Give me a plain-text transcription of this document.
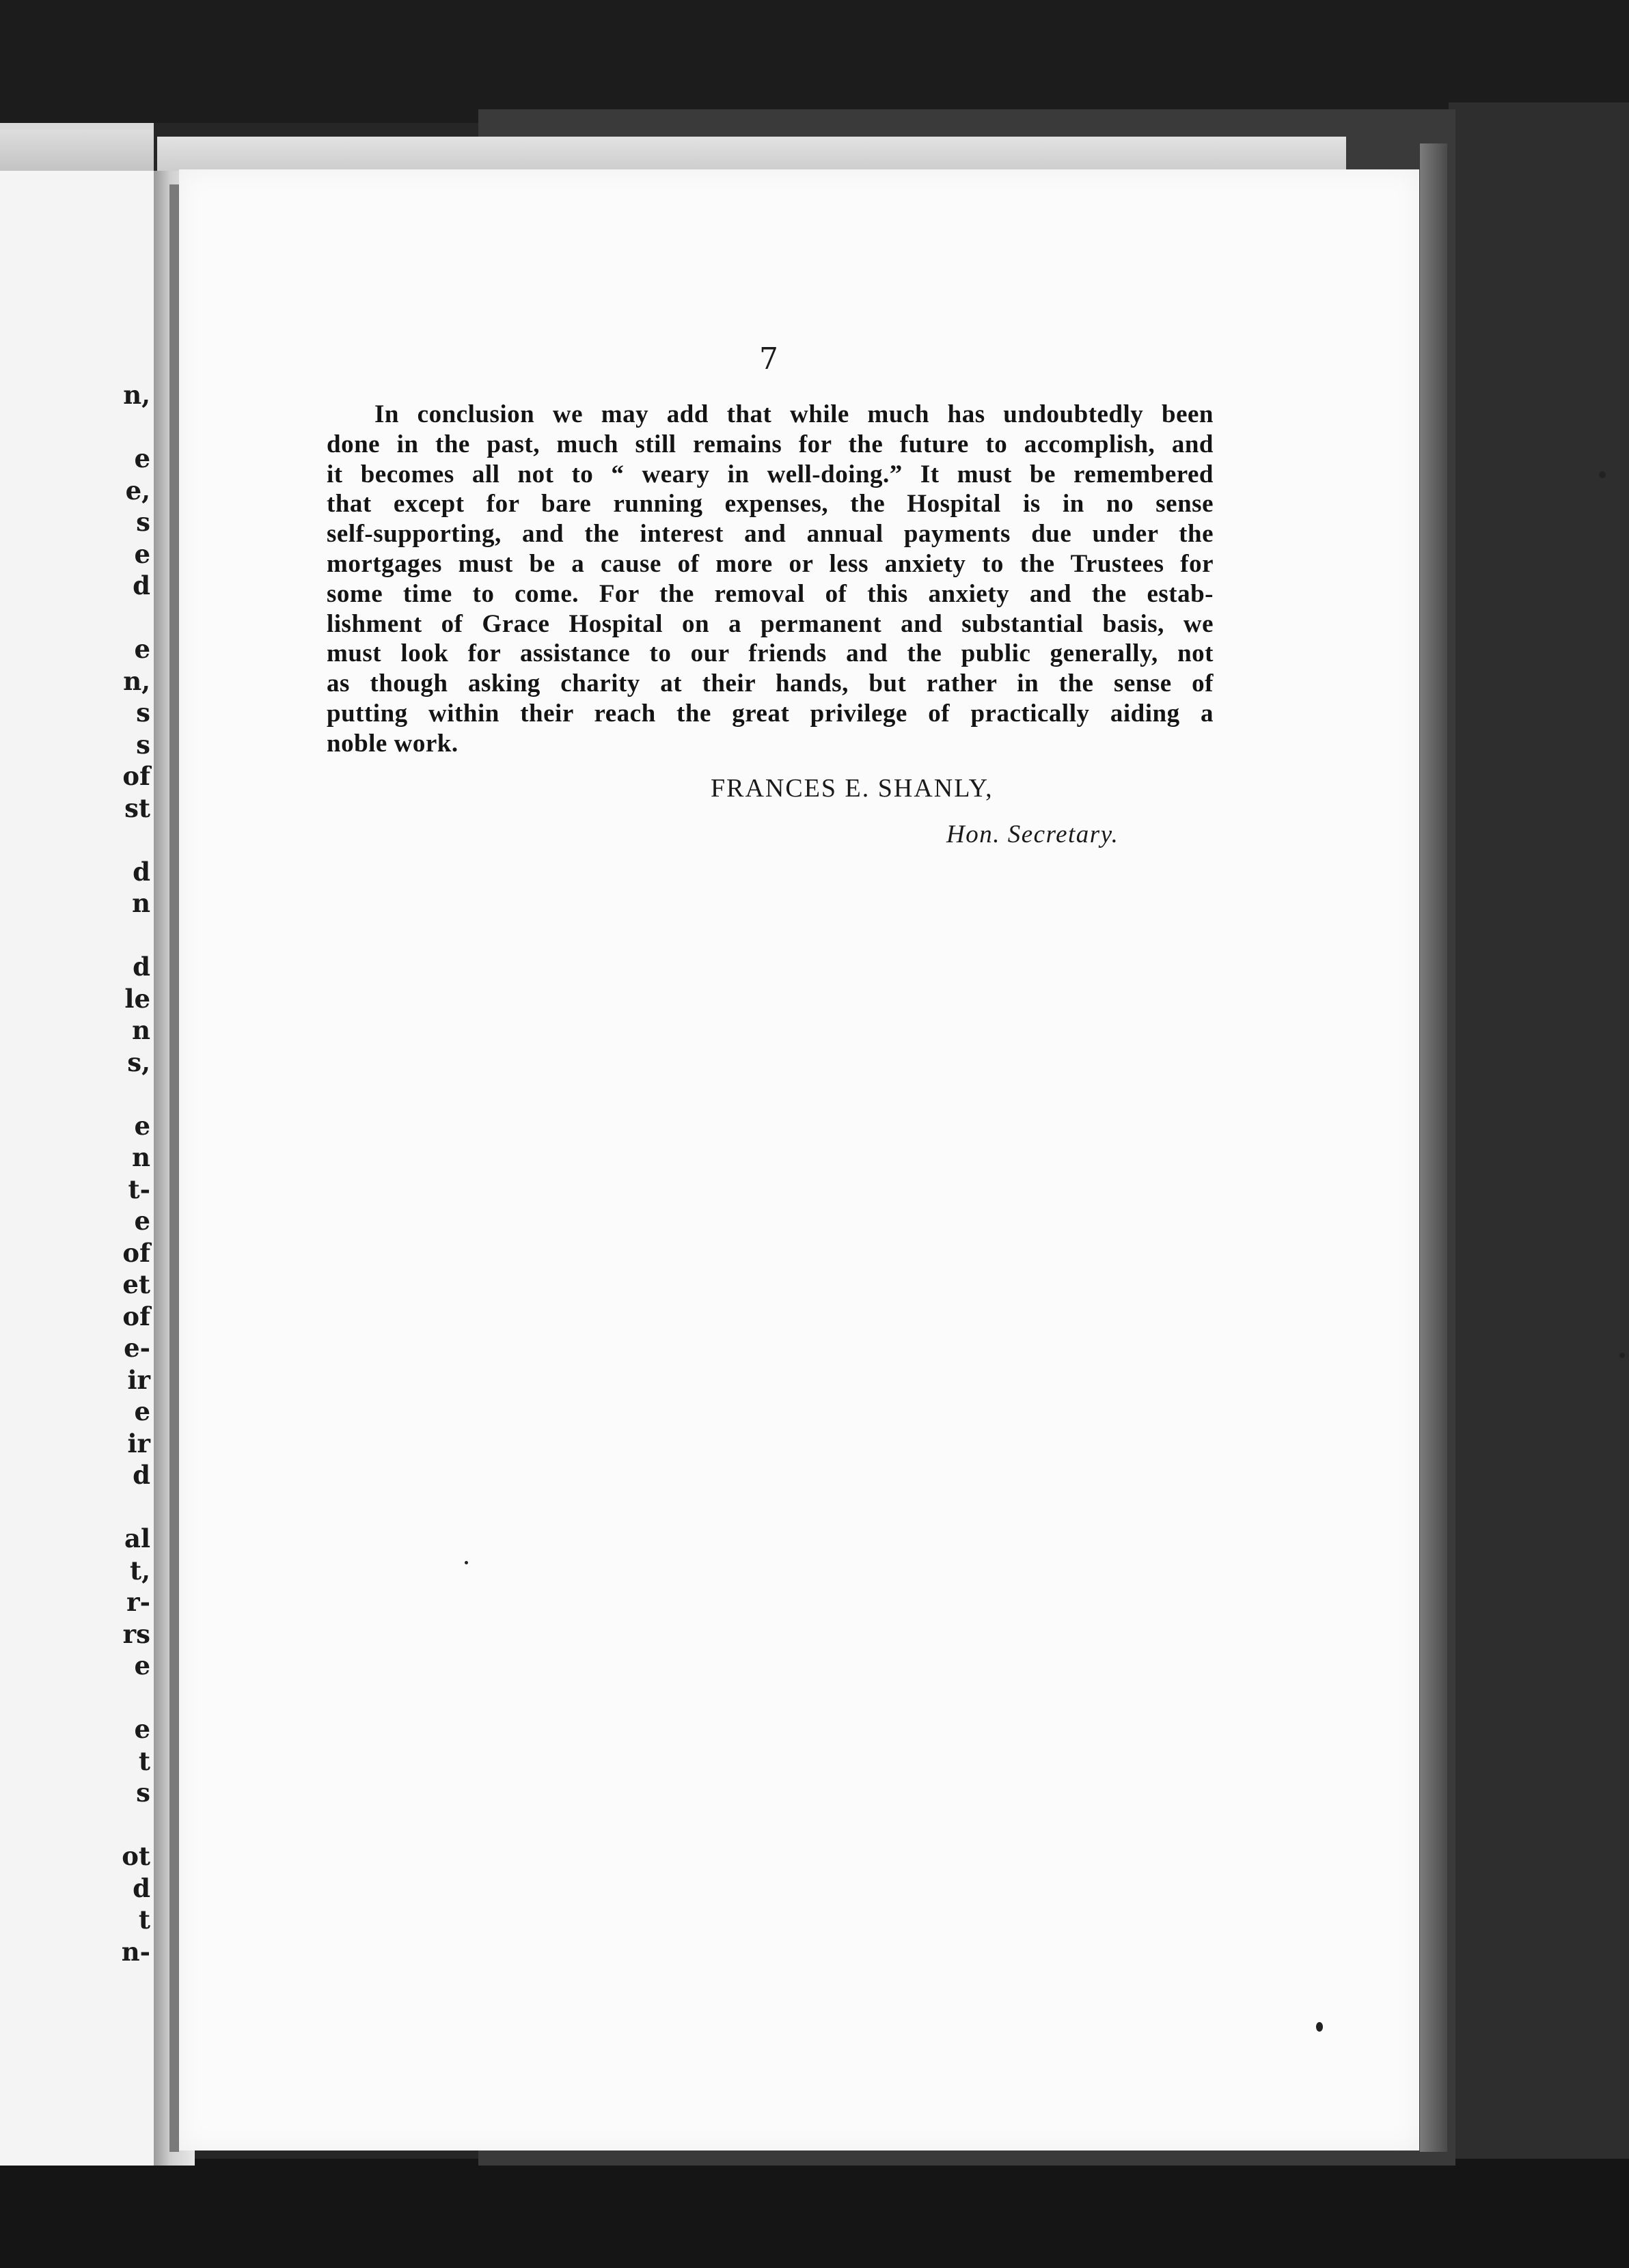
n,
e
e,
s
e
d
e
n,
s
s
of
st
d
n
d
le
n
s,
e
n
t-
e
of
et
of
e-
ir
e
ir
d
al
t,
r-
rs
e
e
t
s
ot
d
t
n-
7
In conclusion we may add that while much has undoubtedly been
done in the past, much still remains for the future to accomplish, and
it becomes all not to “ weary in well-doing.” It must be remembered
that except for bare running expenses, the Hospital is in no sense
self-supporting, and the interest and annual payments due under the
mortgages must be a cause of more or less anxiety to the Trustees for
some time to come. For the removal of this anxiety and the estab-
lishment of Grace Hospital on a permanent and substantial basis, we
must look for assistance to our friends and the public generally, not
as though asking charity at their hands, but rather in the sense of
putting within their reach the great privilege of practically aiding a
noble work.
FRANCES E. SHANLY,
Hon. Secretary.
